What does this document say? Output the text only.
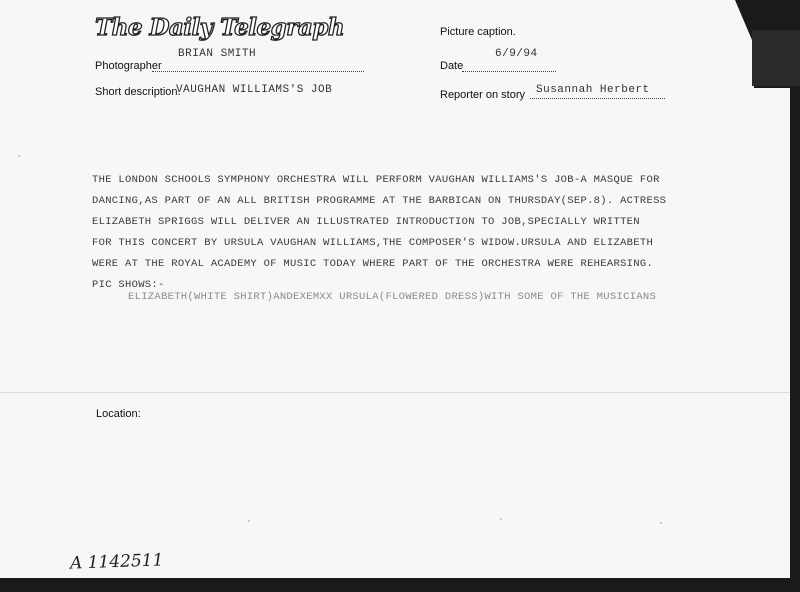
The Daily Telegraph	Picture caption.
BRIAN SMITH
Photographer
6/9/94
Date
Short description.
VAUGHAN WILLIAMS'S JOB	Reporter on story Susannah Herbert
THE LONDON SCHOOLS SYMPHONY ORCHESTRA WILL PERFORM VAUGHAN WILLIAMS'S JOB-A MASQUE FOR
DANCING,AS PART OF AN ALL BRITISH PROGRAMME AT THE BARBICAN ON THURSDAY(SEP.8). ACTRESS
ELIZABETH SPRIGGS WILL DELIVER AN ILLUSTRATED INTRODUCTION TO JOB,SPECIALLY WRITTEN
FOR THIS CONCERT BY URSULA VAUGHAN WILLIAMS,THE COMPOSER'S WIDOW.URSULA AND ELIZABETH
WERE AT THE ROYAL ACADEMY OF MUSIC TODAY WHERE PART OF THE ORCHESTRA WERE REHEARSING.
PIC SHOWS:-
ELIZABETH(WHITE SHIRT)ANDEXEMXX URSULA(FLOWERED DRESS)WITH SOME OF THE MUSICIANS
Location:
A 1142511
